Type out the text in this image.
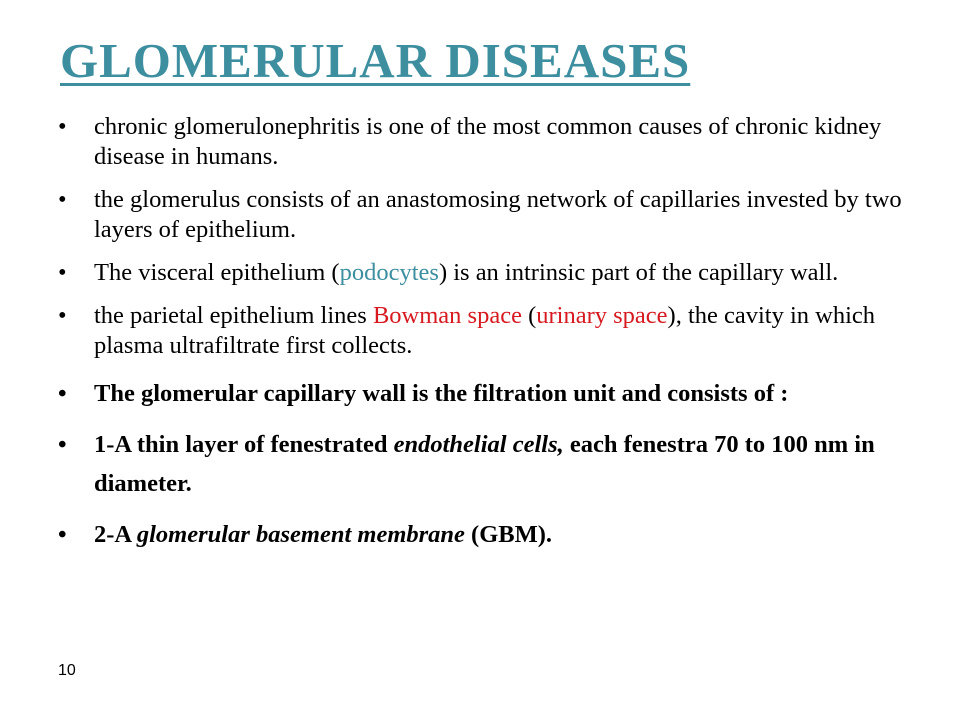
GLOMERULAR DISEASES
•	chronic glomerulonephritis is one of the most common causes of chronic kidney disease in humans.
•	the glomerulus consists of an anastomosing network of capillaries invested by two layers of epithelium.
•	The visceral epithelium (podocytes) is an intrinsic part of the capillary wall.
•	the parietal epithelium lines Bowman space (urinary space), the cavity in which plasma ultrafiltrate first collects.
•	The glomerular capillary wall is the filtration unit and consists of :
•	1-A thin layer of fenestrated endothelial cells, each fenestra 70 to 100 nm in diameter.
•	2-A glomerular basement membrane (GBM).
10
